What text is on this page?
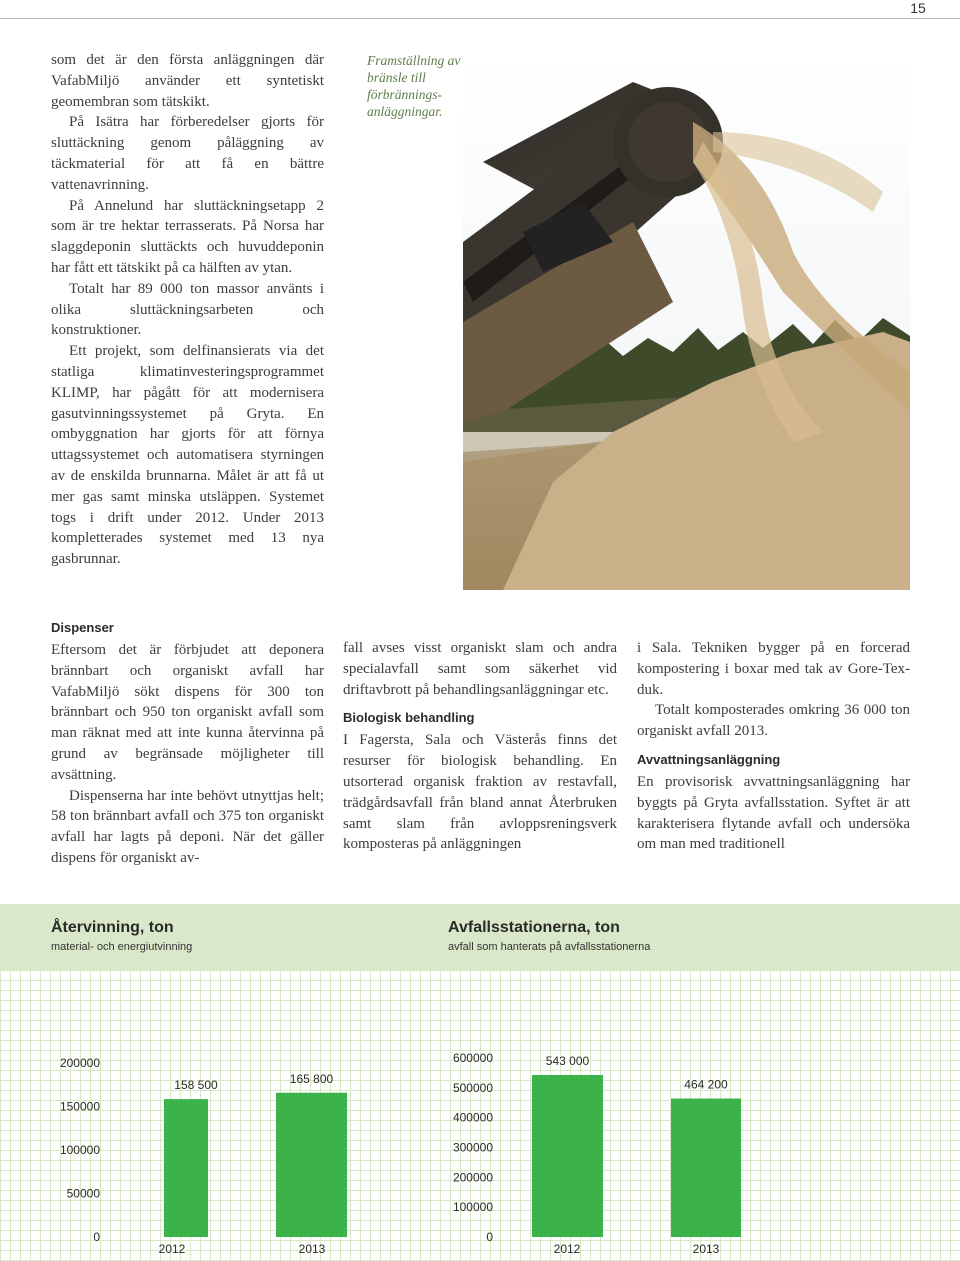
15

som det är den första anläggningen där VafabMiljö använder ett syntetiskt geomembran som tätskikt.

På Isätra har förberedelser gjorts för sluttäckning genom påläggning av täckmaterial för att få en bättre vattenavrinning.

På Annelund har sluttäckningsetapp 2 som är tre hektar terrasserats. På Norsa har slaggdeponin sluttäckts och huvuddeponin har fått ett tätskikt på ca hälften av ytan.

Totalt har 89 000 ton massor använts i olika sluttäckningsarbeten och konstruktioner.

Ett projekt, som delfinansierats via det statliga klimatinvesteringsprogrammet KLIMP, har pågått för att modernisera gasutvinningssystemet på Gryta. En ombyggnation har gjorts för att förnya uttagssystemet och automatisera styrningen av de enskilda brunnarna. Målet är att få ut mer gas samt minska utsläppen. Systemet togs i drift under 2012. Under 2013 kompletterades systemet med 13 nya gasbrunnar.

Framställning av bränsle till förbrännings-anläggningar.
Dispenser

Eftersom det är förbjudet att deponera brännbart och organiskt avfall har VafabMiljö sökt dispens för 300 ton brännbart och 950 ton organiskt avfall som man räknat med att inte kunna återvinna på grund av begränsade möjligheter till avsättning.

Dispenserna har inte behövt utnyttjas helt; 58 ton brännbart avfall och 375 ton organiskt avfall har lagts på deponi. När det gäller dispens för organiskt av-

fall avses visst organiskt slam och andra specialavfall samt som säkerhet vid driftavbrott på behandlingsanläggningar etc.

Biologisk behandling

I Fagersta, Sala och Västerås finns det resurser för biologisk behandling. En utsorterad organisk fraktion av restavfall, trädgårdsavfall från bland annat Återbruken samt slam från avloppsreningsverk komposteras på anläggningen

i Sala. Tekniken bygger på en forcerad kompostering i boxar med tak av Gore-Tex-duk.

Totalt komposterades omkring 36 000 ton organiskt avfall 2013.

Avvattningsanläggning

En provisorisk avvattningsanläggning har byggts på Gryta avfallsstation. Syftet är att karakterisera flytande avfall och undersöka om man med traditionell

Återvinning, ton
material- och energiutvinning
Avfallsstationerna, ton
avfall som hanterats på avfallsstationerna
0
50000
100000
150000
200000
158 500
2012
165 800
2013
0
100000
200000
300000
400000
500000
600000	543 000
2012
464 200
2013
